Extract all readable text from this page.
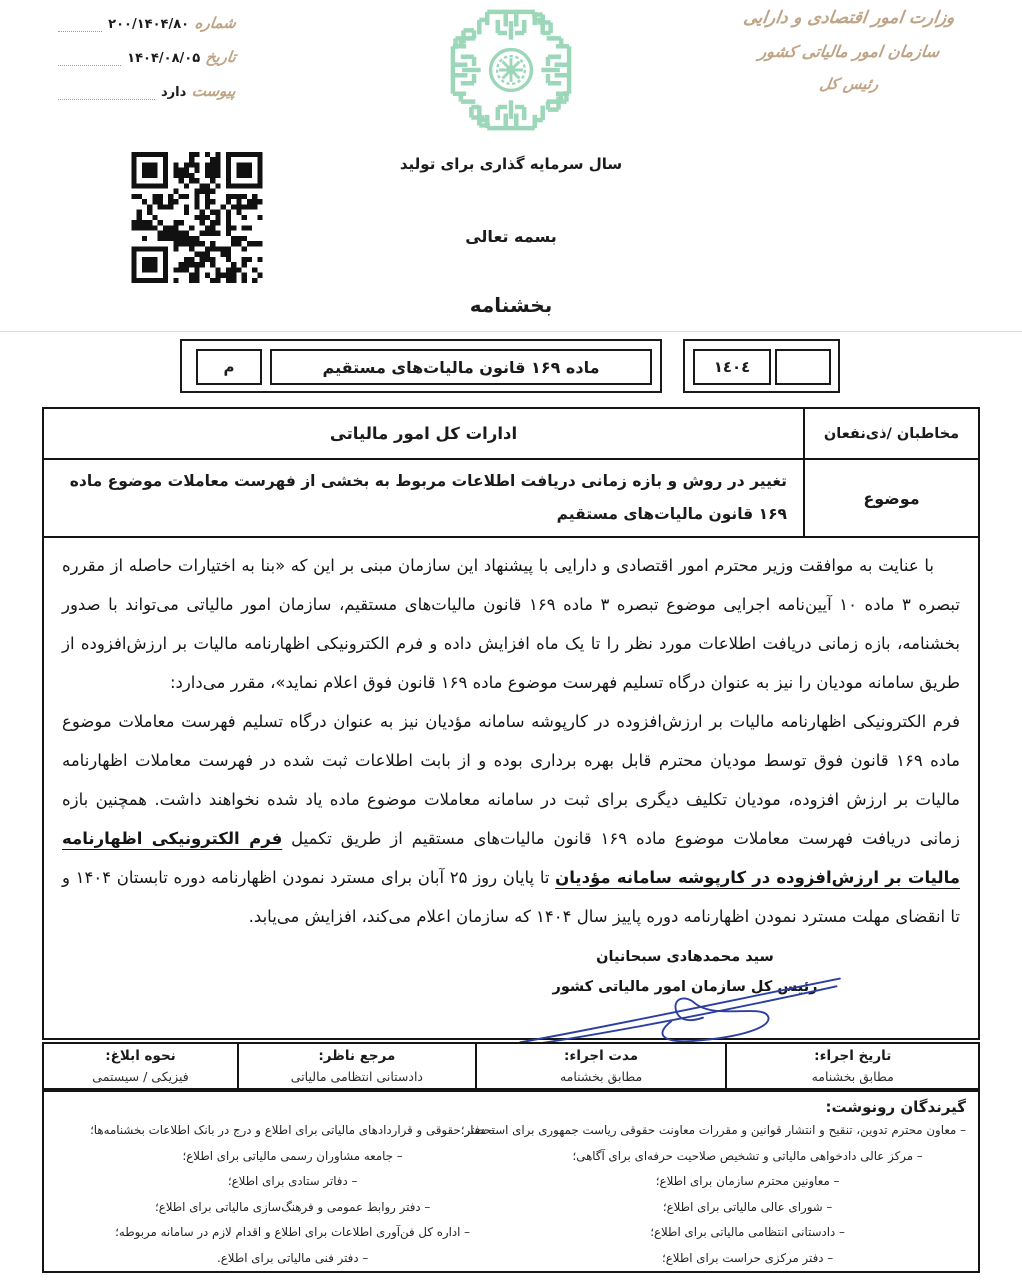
وزارت امور اقتصادی و دارایی
سازمان امور مالیاتی کشور
رئیس کل
شماره
۲۰۰/۱۴۰۴/۸۰
تاریخ
۱۴۰۴/۰۸/۰۵
پیوست
دارد
سال سرمایه گذاری برای تولید
بسمه تعالی
بخشنامه
م	ماده ۱۶۹ قانون مالیات‌های مستقیم	١٤٠٤
مخاطبان /ذی‌نفعان
ادارات کل امور مالیاتی
موضوع
تغییر در روش و بازه زمانی دریافت اطلاعات مربوط به بخشی از فهرست معاملات موضوع ماده ۱۶۹ قانون مالیات‌های مستقیم

با عنایت به موافقت وزیر محترم امور اقتصادی و دارایی با پیشنهاد این سازمان مبنی بر این که «بنا به اختیارات حاصله از مقرره تبصره ۳ ماده ۱۰ آیین‌نامه اجرایی موضوع تبصره ۳ ماده ۱۶۹ قانون مالیات‌های مستقیم، سازمان امور مالیاتی می‌تواند با صدور بخشنامه، بازه زمانی دریافت اطلاعات مورد نظر را تا یک ماه افزایش داده و فرم الکترونیکی اظهارنامه مالیات بر ارزش‌افزوده از طریق سامانه مودیان را نیز به عنوان درگاه تسلیم فهرست موضوع ماده ۱۶۹ قانون فوق اعلام نماید»، مقرر می‌دارد:

فرم الکترونیکی اظهارنامه مالیات بر ارزش‌افزوده در کارپوشه سامانه مؤدیان نیز به عنوان درگاه تسلیم فهرست معاملات موضوع ماده ۱۶۹ قانون فوق توسط مودیان محترم قابل بهره برداری بوده و از بابت اطلاعات ثبت شده در فهرست معاملات اظهارنامه مالیات بر ارزش افزوده، مودیان تکلیف دیگری برای ثبت در سامانه معاملات موضوع ماده یاد شده نخواهند داشت. همچنین بازه زمانی دریافت فهرست معاملات موضوع ماده ۱۶۹ قانون مالیات‌های مستقیم از طریق تکمیل فرم الکترونیکی اظهارنامه مالیات بر ارزش‌افزوده در کارپوشه سامانه مؤدیان تا پایان روز ۲۵ آبان برای مسترد نمودن اظهارنامه دوره تابستان ۱۴۰۴ و تا انقضای مهلت مسترد نمودن اظهارنامه دوره پاییز سال ۱۴۰۴ که سازمان اعلام می‌کند، افزایش می‌یابد.

سید محمدهادی سبحانیان
رئیس کل سازمان امور مالیاتی کشور
تاریخ اجراء:
مطابق بخشنامه
مدت اجراء:
مطابق بخشنامه
مرجع ناظر:
دادستانی انتظامی مالیاتی
نحوه ابلاغ:
فیزیکی / سیستمی
گیرندگان رونوشت:
– معاون محترم تدوین، تنقیح و انتشار قوانین و مقررات معاونت حقوقی ریاست جمهوری برای استحضار؛
– مرکز عالی دادخواهی مالیاتی و تشخیص صلاحیت حرفه‌ای برای آگاهی؛
– معاونین محترم سازمان برای اطلاع؛
– شورای عالی مالیاتی برای اطلاع؛
– دادستانی انتظامی مالیاتی برای اطلاع؛
– دفتر مرکزی حراست برای اطلاع؛
– دفتر حقوقی و قراردادهای مالیاتی برای اطلاع و درج در بانک اطلاعات بخشنامه‌ها؛
– جامعه مشاوران رسمی مالیاتی برای اطلاع؛
– دفاتر ستادی برای اطلاع؛
– دفتر روابط عمومی و فرهنگ‌سازی مالیاتی برای اطلاع؛
– اداره کل فن‌آوری اطلاعات برای اطلاع و اقدام لازم در سامانه مربوطه؛
– دفتر فنی مالیاتی برای اطلاع.
